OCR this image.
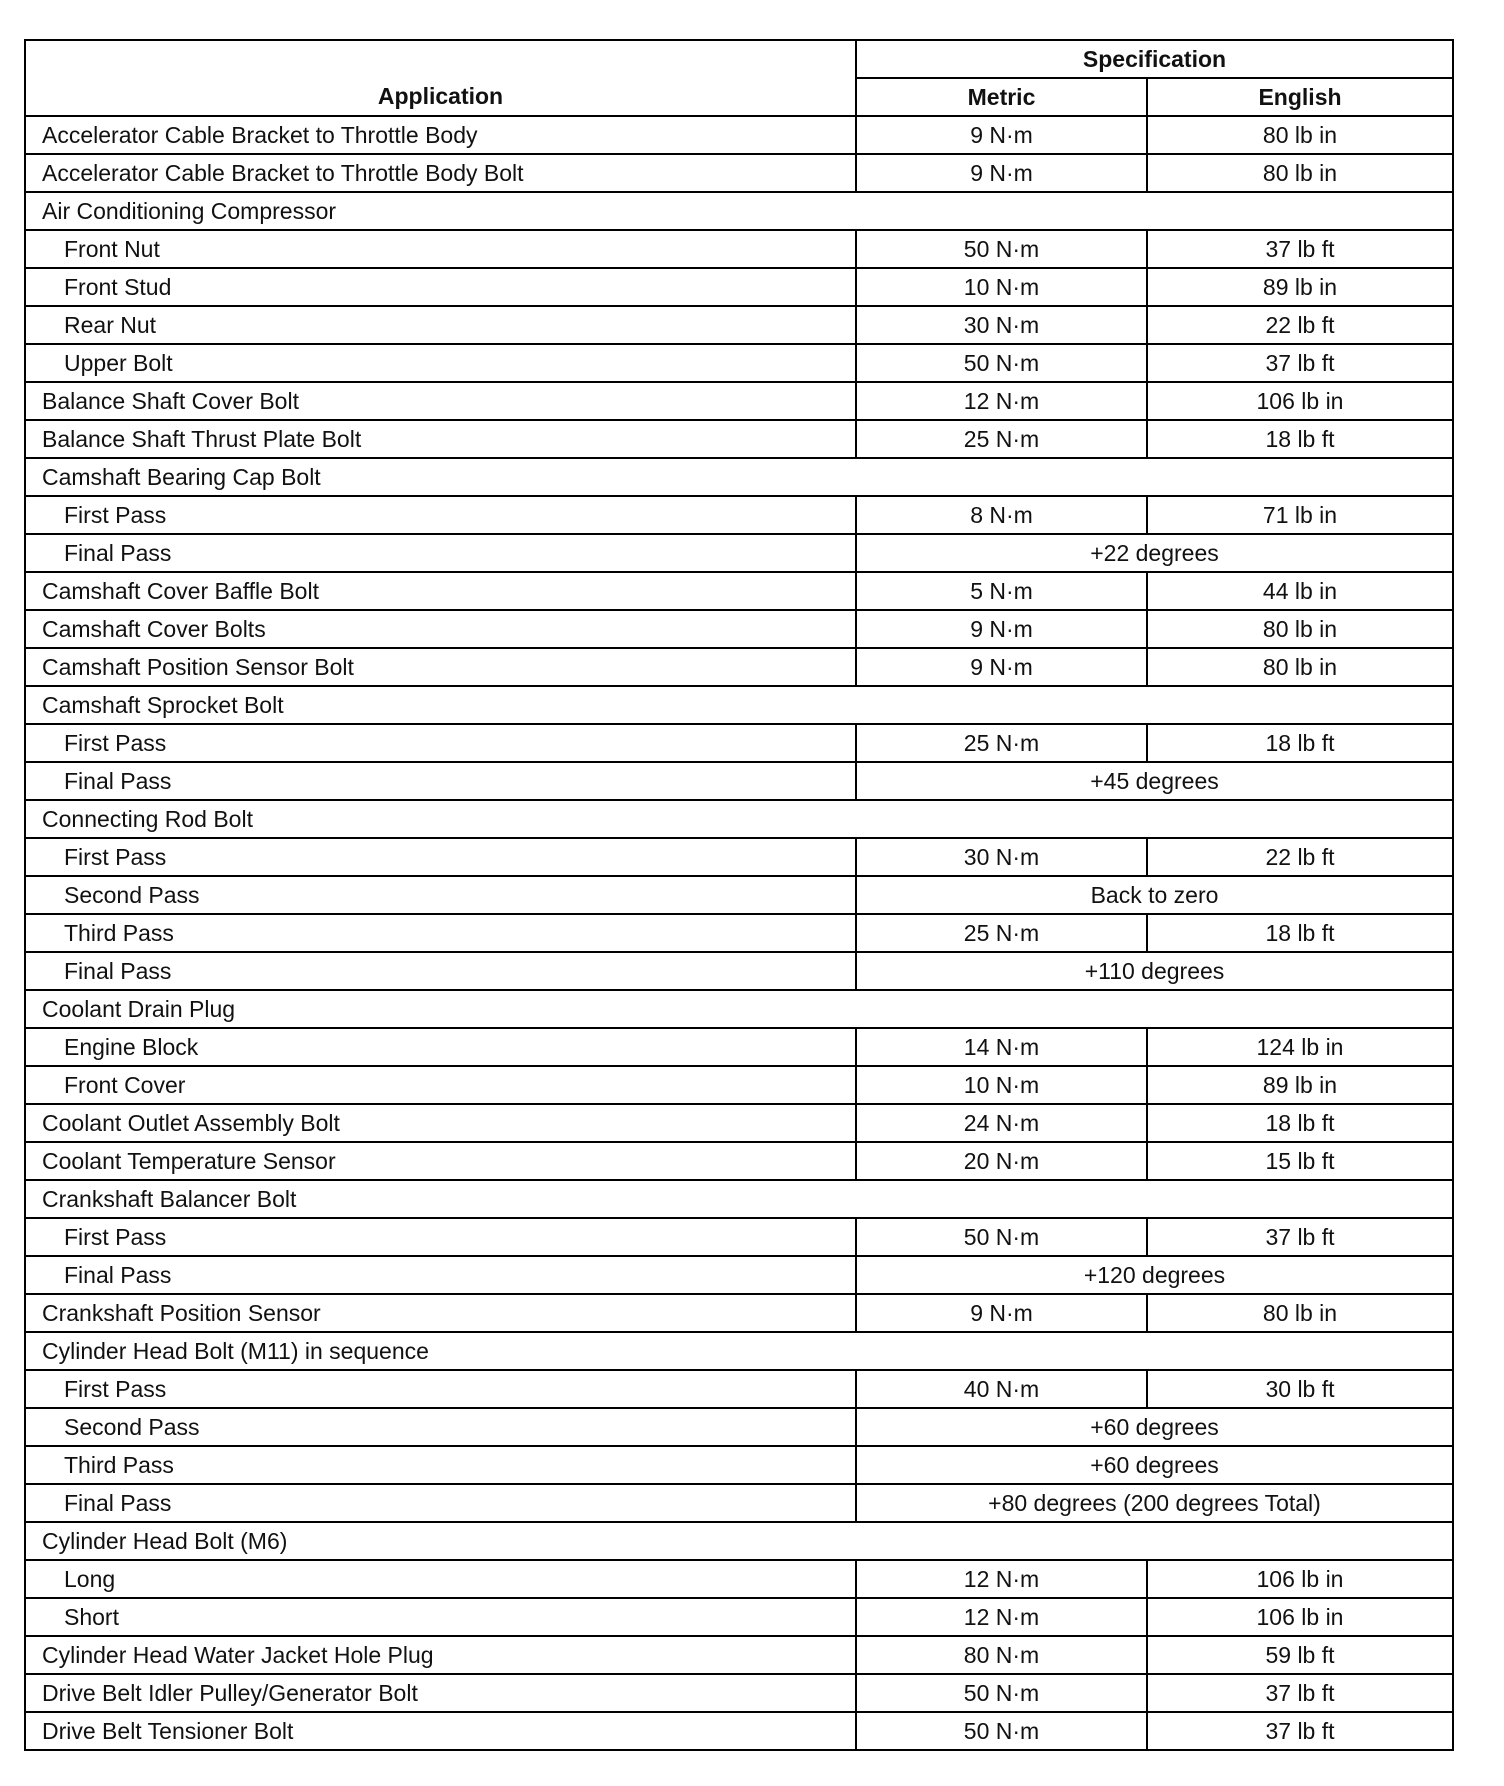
Application	Specification	
	Metric	English
Accelerator Cable Bracket to Throttle Body	9 N·m	80 lb in
Accelerator Cable Bracket to Throttle Body Bolt	9 N·m	80 lb in
Air Conditioning Compressor		
Front Nut	50 N·m	37 lb ft
Front Stud	10 N·m	89 lb in
Rear Nut	30 N·m	22 lb ft
Upper Bolt	50 N·m	37 lb ft
Balance Shaft Cover Bolt	12 N·m	106 lb in
Balance Shaft Thrust Plate Bolt	25 N·m	18 lb ft
Camshaft Bearing Cap Bolt		
First Pass	8 N·m	71 lb in
Final Pass	+22 degrees	
Camshaft Cover Baffle Bolt	5 N·m	44 lb in
Camshaft Cover Bolts	9 N·m	80 lb in
Camshaft Position Sensor Bolt	9 N·m	80 lb in
Camshaft Sprocket Bolt		
First Pass	25 N·m	18 lb ft
Final Pass	+45 degrees	
Connecting Rod Bolt		
First Pass	30 N·m	22 lb ft
Second Pass	Back to zero	
Third Pass	25 N·m	18 lb ft
Final Pass	+110 degrees	
Coolant Drain Plug		
Engine Block	14 N·m	124 lb in
Front Cover	10 N·m	89 lb in
Coolant Outlet Assembly Bolt	24 N·m	18 lb ft
Coolant Temperature Sensor	20 N·m	15 lb ft
Crankshaft Balancer Bolt		
First Pass	50 N·m	37 lb ft
Final Pass	+120 degrees	
Crankshaft Position Sensor	9 N·m	80 lb in
Cylinder Head Bolt (M11) in sequence		
First Pass	40 N·m	30 lb ft
Second Pass	+60 degrees	
Third Pass	+60 degrees	
Final Pass	+80 degrees (200 degrees Total)	
Cylinder Head Bolt (M6)		
Long	12 N·m	106 lb in
Short	12 N·m	106 lb in
Cylinder Head Water Jacket Hole Plug	80 N·m	59 lb ft
Drive Belt Idler Pulley/Generator Bolt	50 N·m	37 lb ft
Drive Belt Tensioner Bolt	50 N·m	37 lb ft
